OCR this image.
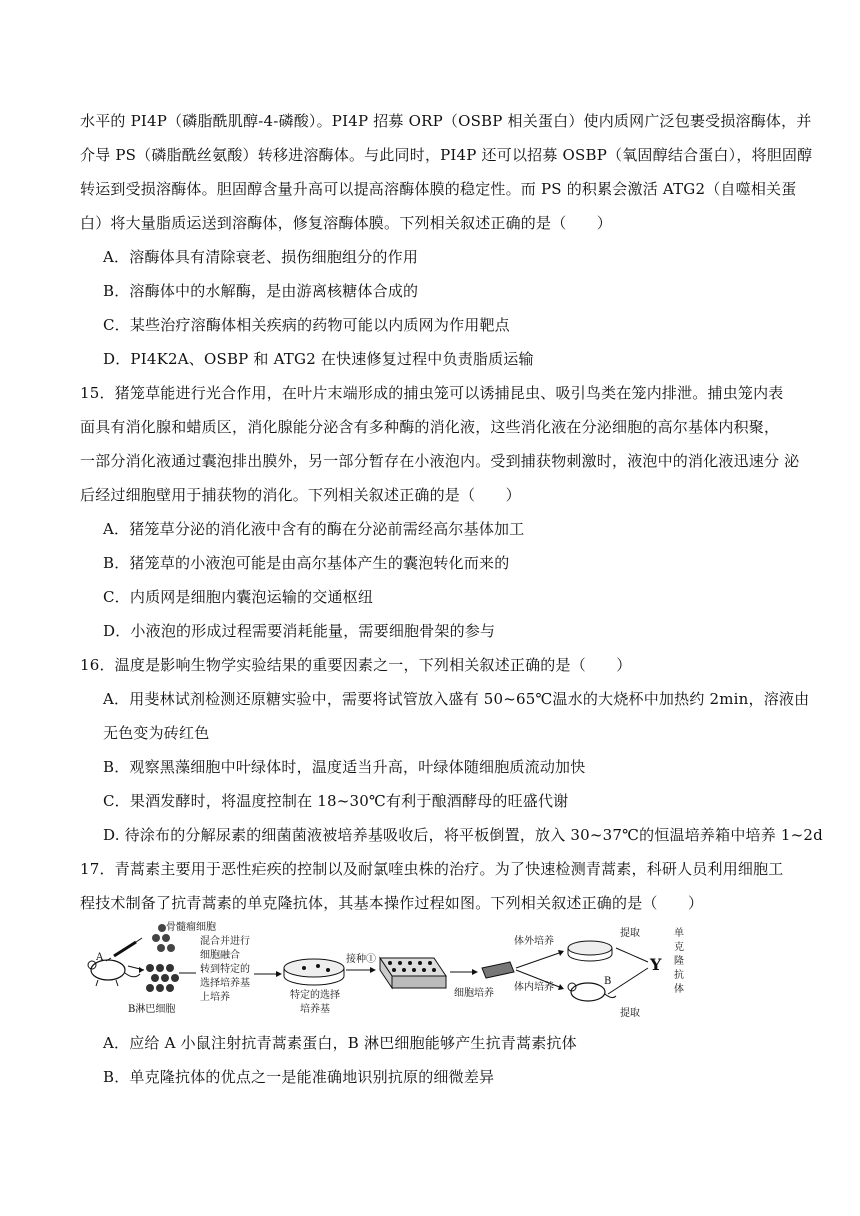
水平的 PI4P（磷脂酰肌醇-4-磷酸）。PI4P 招募 ORP（OSBP 相关蛋白）使内质网广泛包裹受损溶酶体，并
介导 PS（磷脂酰丝氨酸）转移进溶酶体。与此同时，PI4P 还可以招募 OSBP（氧固醇结合蛋白），将胆固醇
转运到受损溶酶体。胆固醇含量升高可以提高溶酶体膜的稳定性。而 PS 的积累会激活 ATG2（自噬相关蛋
白）将大量脂质运送到溶酶体，修复溶酶体膜。下列相关叙述正确的是（　　）
A．溶酶体具有清除衰老、损伤细胞组分的作用
B．溶酶体中的水解酶，是由游离核糖体合成的
C．某些治疗溶酶体相关疾病的药物可能以内质网为作用靶点
D．PI4K2A、OSBP 和 ATG2 在快速修复过程中负责脂质运输
15．猪笼草能进行光合作用，在叶片末端形成的捕虫笼可以诱捕昆虫、吸引鸟类在笼内排泄。捕虫笼内表
面具有消化腺和蜡质区，消化腺能分泌含有多种酶的消化液，这些消化液在分泌细胞的高尔基体内积聚，
一部分消化液通过囊泡排出膜外，另一部分暂存在小液泡内。受到捕获物刺激时，液泡中的消化液迅速分 泌
后经过细胞壁用于捕获物的消化。下列相关叙述正确的是（　　）
A．猪笼草分泌的消化液中含有的酶在分泌前需经高尔基体加工
B．猪笼草的小液泡可能是由高尔基体产生的囊泡转化而来的
C．内质网是细胞内囊泡运输的交通枢纽
D．小液泡的形成过程需要消耗能量，需要细胞骨架的参与
16．温度是影响生物学实验结果的重要因素之一，下列相关叙述正确的是（　　）
A．用斐林试剂检测还原糖实验中，需要将试管放入盛有 50~65℃温水的大烧杯中加热约 2min，溶液由
无色变为砖红色
B．观察黑藻细胞中叶绿体时，温度适当升高，叶绿体随细胞质流动加快
C．果酒发酵时，将温度控制在 18~30℃有利于酿酒酵母的旺盛代谢
D. 待涂布的分解尿素的细菌菌液被培养基吸收后，将平板倒置，放入 30~37℃的恒温培养箱中培养 1~2d
17．青蒿素主要用于恶性疟疾的控制以及耐氯喹虫株的治疗。为了快速检测青蒿素，科研人员利用细胞工
程技术制备了抗青蒿素的单克隆抗体，其基本操作过程如图。下列相关叙述正确的是（　　）
A
B淋巴细胞
骨髓瘤细胞
混合并进行
细胞融合
转到特定的
选择培养基
上培养	特定的选择
培养基
接种①
细胞培养
体外培养
体内培养
B
提取
提取
Y
单
克
隆
抗
体
A．应给 A 小鼠注射抗青蒿素蛋白，B 淋巴细胞能够产生抗青蒿素抗体
B．单克隆抗体的优点之一是能准确地识别抗原的细微差异
